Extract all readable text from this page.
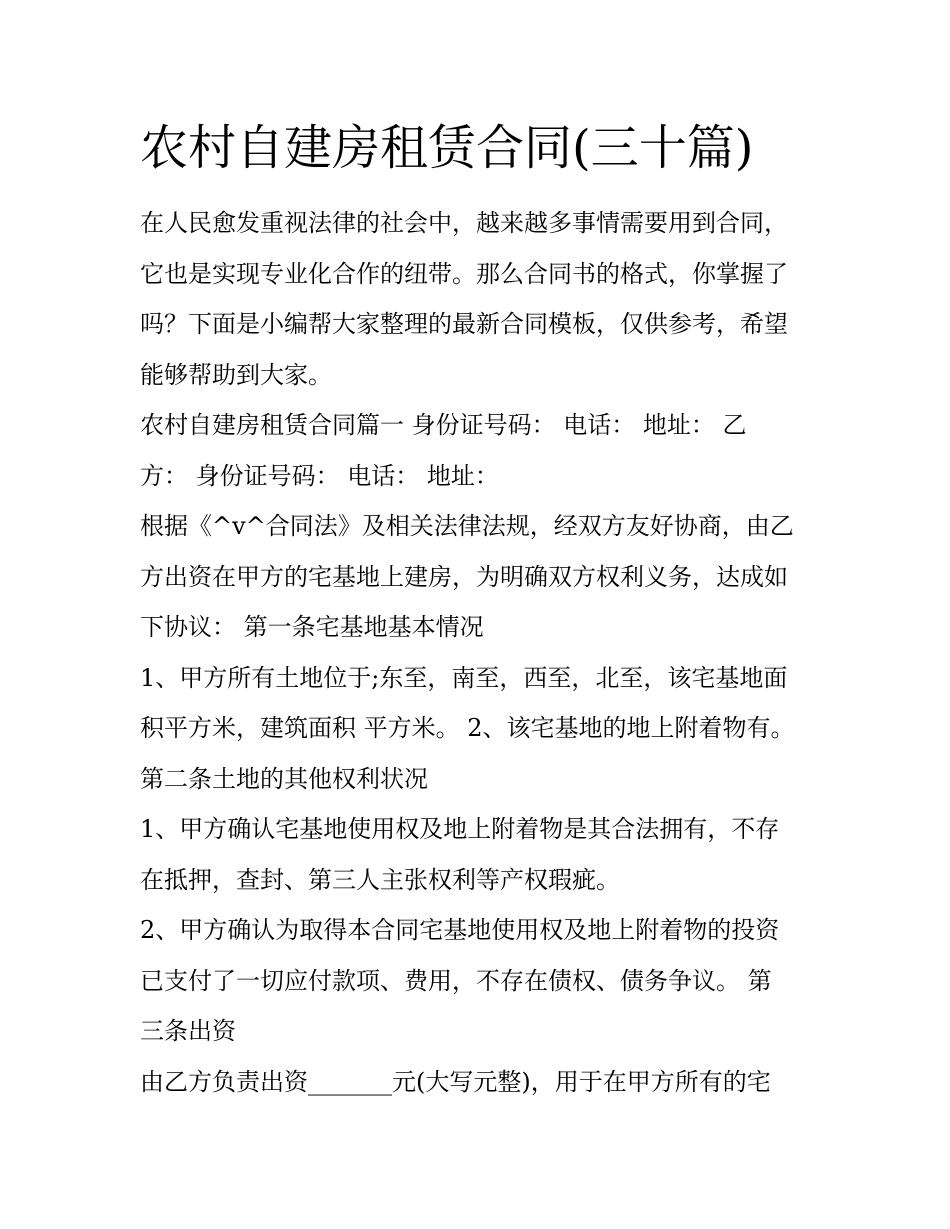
农村自建房租赁合同(三十篇)

在人民愈发重视法律的社会中，越来越多事情需要用到合同，

它也是实现专业化合作的纽带。那么合同书的格式，你掌握了

吗？下面是小编帮大家整理的最新合同模板，仅供参考，希望

能够帮助到大家。

农村自建房租赁合同篇一 身份证号码： 电话： 地址： 乙

方： 身份证号码： 电话： 地址：

根据《^v^合同法》及相关法律法规，经双方友好协商，由乙

方出资在甲方的宅基地上建房，为明确双方权利义务，达成如

下协议： 第一条宅基地基本情况

1、甲方所有土地位于;东至，南至，西至，北至，该宅基地面

积平方米，建筑面积 平方米。 2、该宅基地的地上附着物有。

第二条土地的其他权利状况

1、甲方确认宅基地使用权及地上附着物是其合法拥有，不存

在抵押，查封、第三人主张权利等产权瑕疵。

2、甲方确认为取得本合同宅基地使用权及地上附着物的投资

已支付了一切应付款项、费用，不存在债权、债务争议。 第

三条出资

由乙方负责出资_______元(大写元整)，用于在甲方所有的宅
